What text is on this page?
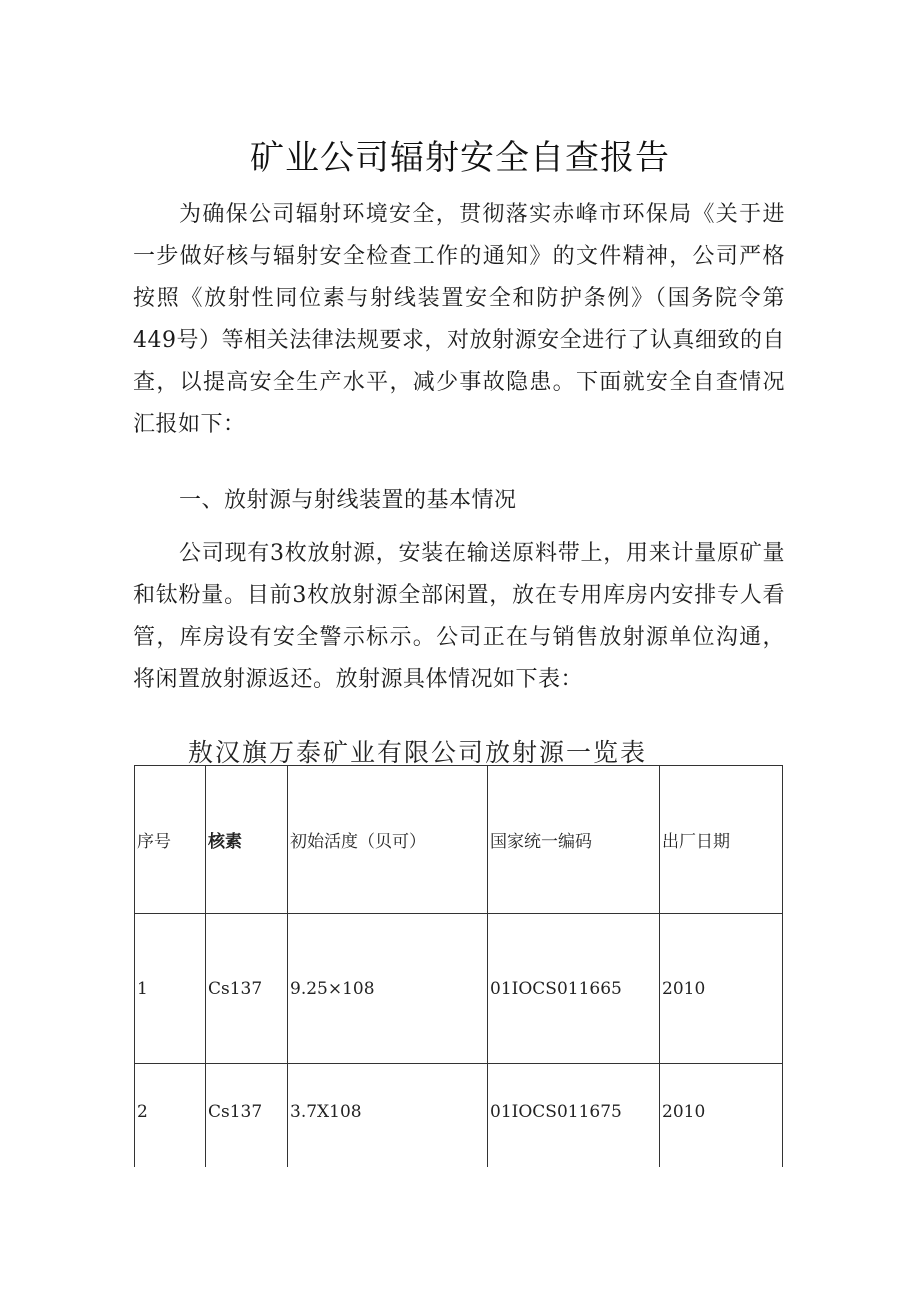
矿业公司辐射安全自查报告
为确保公司辐射环境安全，贯彻落实赤峰市环保局《关于进一步做好核与辐射安全检查工作的通知》的文件精神，公司严格按照《放射性同位素与射线装置安全和防护条例》（国务院令第449号）等相关法律法规要求，对放射源安全进行了认真细致的自查，以提高安全生产水平，减少事故隐患。下面就安全自查情况汇报如下：
一、放射源与射线装置的基本情况
公司现有3枚放射源，安装在输送原料带上，用来计量原矿量和钛粉量。目前3枚放射源全部闲置，放在专用库房内安排专人看管，库房设有安全警示标示。公司正在与销售放射源单位沟通，将闲置放射源返还。放射源具体情况如下表：
敖汉旗万泰矿业有限公司放射源一览表
序号	核素	初始活度（贝可）	国家统一编码	出厂日期
1	Cs137	9.25×108	01IOCS011665	2010
2	Cs137	3.7X108	01IOCS011675	2010
